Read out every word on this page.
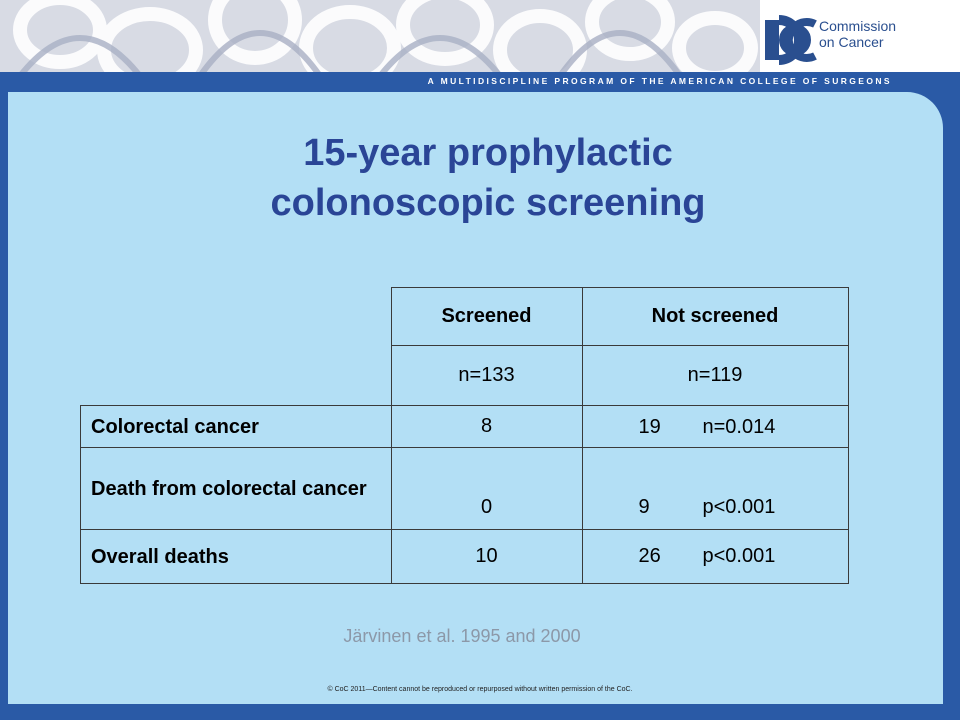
A MULTIDISCIPLINE PROGRAM OF THE AMERICAN COLLEGE OF SURGEONS
Commission
on Cancer
15-year prophylactic
colonoscopic screening
	Screened	Not screened
	n=133	n=119
Colorectal cancer	8	19 n=0.014

Death from colorectal cancer	0	9 p<0.001

Overall deaths	10	26 p<0.001
Järvinen et al. 1995 and 2000
© CoC 2011—Content cannot be reproduced or repurposed without written permission of the CoC.
